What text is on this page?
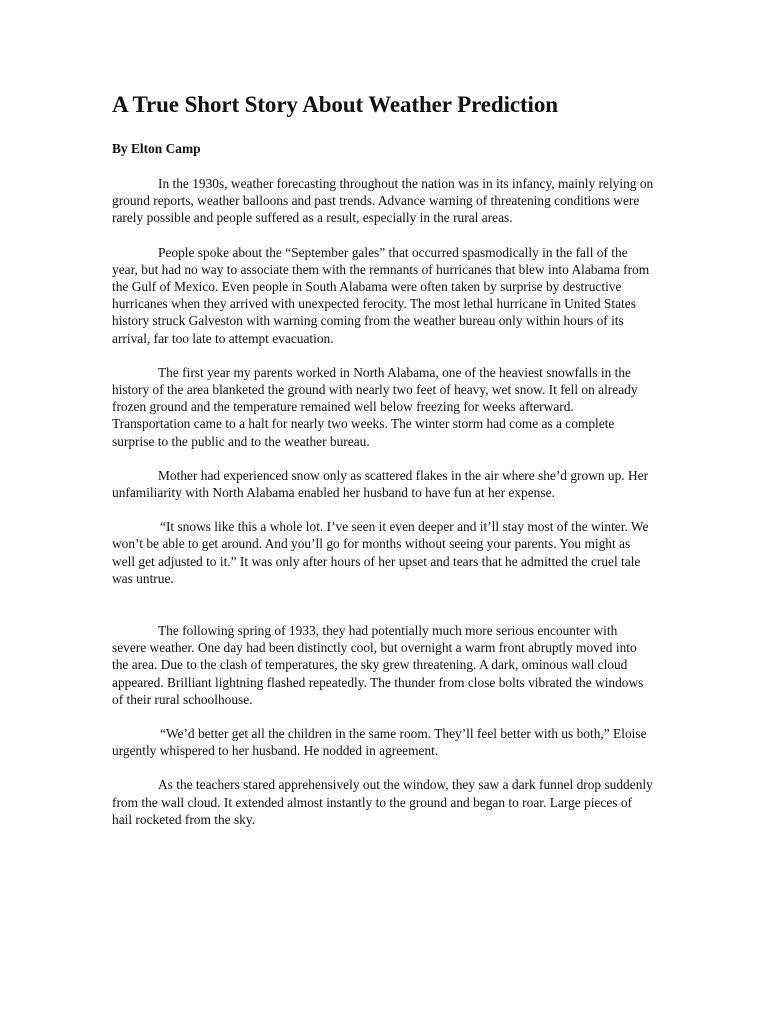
A True Short Story About Weather Prediction
By Elton Camp

In the 1930s, weather forecasting throughout the nation was in its infancy, mainly relying on ground reports, weather balloons and past trends. Advance warning of threatening conditions were rarely possible and people suffered as a result, especially in the rural areas.

People spoke about the “September gales” that occurred spasmodically in the fall of the year, but had no way to associate them with the remnants of hurricanes that blew into Alabama from the Gulf of Mexico. Even people in South Alabama were often taken by surprise by destructive hurricanes when they arrived with unexpected ferocity. The most lethal hurricane in United States history struck Galveston with warning coming from the weather bureau only within hours of its arrival, far too late to attempt evacuation.

The first year my parents worked in North Alabama, one of the heaviest snowfalls in the history of the area blanketed the ground with nearly two feet of heavy, wet snow. It fell on already frozen ground and the temperature remained well below freezing for weeks afterward. Transportation came to a halt for nearly two weeks. The winter storm had come as a complete surprise to the public and to the weather bureau.

Mother had experienced snow only as scattered flakes in the air where she’d grown up. Her unfamiliarity with North Alabama enabled her husband to have fun at her expense.

“It snows like this a whole lot. I’ve seen it even deeper and it’ll stay most of the winter. We won’t be able to get around. And you’ll go for months without seeing your parents. You might as well get adjusted to it.” It was only after hours of her upset and tears that he admitted the cruel tale was untrue.

The following spring of 1933, they had potentially much more serious encounter with severe weather. One day had been distinctly cool, but overnight a warm front abruptly moved into the area. Due to the clash of temperatures, the sky grew threatening. A dark, ominous wall cloud appeared. Brilliant lightning flashed repeatedly. The thunder from close bolts vibrated the windows of their rural schoolhouse.

“We’d better get all the children in the same room. They’ll feel better with us both,” Eloise urgently whispered to her husband. He nodded in agreement.

As the teachers stared apprehensively out the window, they saw a dark funnel drop suddenly from the wall cloud. It extended almost instantly to the ground and began to roar. Large pieces of hail rocketed from the sky.
